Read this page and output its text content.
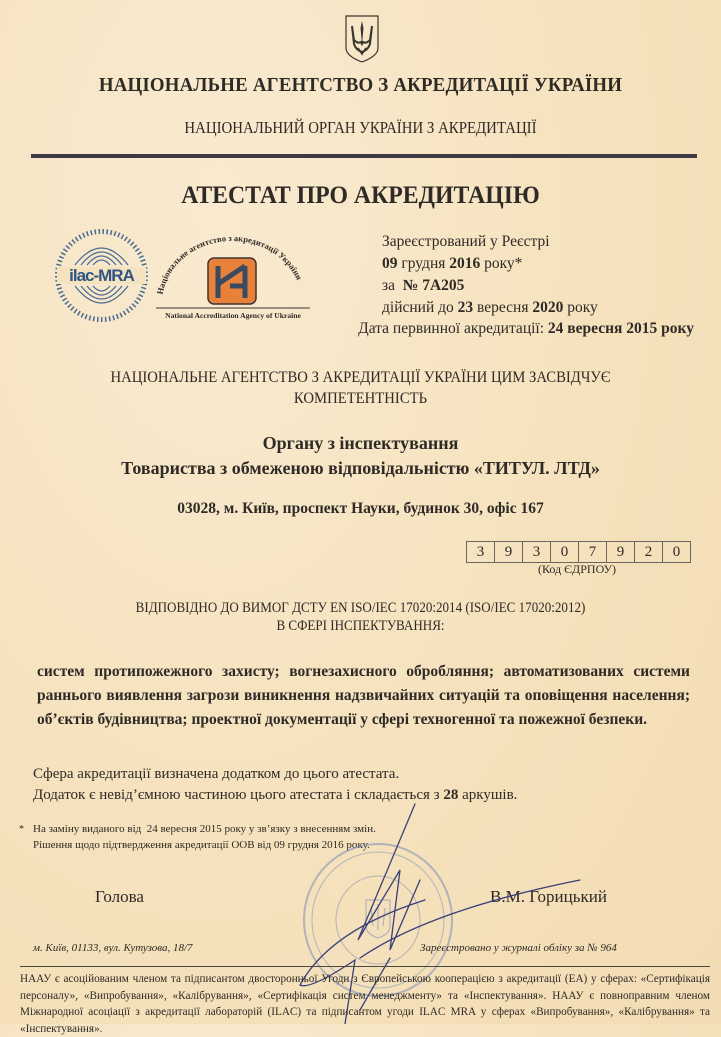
НАЦІОНАЛЬНЕ АГЕНТСТВО З АКРЕДИТАЦІЇ УКРАЇНИ
НАЦІОНАЛЬНИЙ ОРГАН УКРАЇНИ З АКРЕДИТАЦІЇ
АТЕСТАТ ПРО АКРЕДИТАЦІЮ
ilac-MRA
Національне агентство з акредитації України
National Accreditation Agency of Ukraine
Зареєстрований у Реєстрі
09 грудня 2016 року*
за  № 7А205
дійсний до 23 вересня 2020 року
Дата первинної акредитації: 24 вересня 2015 року
НАЦІОНАЛЬНЕ АГЕНТСТВО З АКРЕДИТАЦІЇ УКРАЇНИ ЦИМ ЗАСВІДЧУЄ
КОМПЕТЕНТНІСТЬ
Органу з інспектування
Товариства з обмеженою відповідальністю «ТИТУЛ. ЛТД»
03028, м. Київ, проспект Науки, будинок 30, офіс 167
3	9	3	0	7	9	2	0
(Код ЄДРПОУ)
ВІДПОВІДНО ДО ВИМОГ ДСТУ EN ISO/IEC 17020:2014 (ISO/IEC 17020:2012)
В СФЕРІ ІНСПЕКТУВАННЯ:
систем протипожежного захисту; вогнезахисного обробляння; автоматизованих системи раннього виявлення загрози виникнення надзвичайних ситуацій та оповіщення населення; об’єктів будівництва; проектної документації у сфері техногенної та пожежної безпеки.
Сфера акредитації визначена додатком до цього атестата.
Додаток є невід’ємною частиною цього атестата і складається з 28 аркушів.
* На заміну виданого від  24 вересня 2015 року у зв’язку з внесенням змін.
Рішення щодо підтвердження акредитації ООВ від 09 грудня 2016 року.
Голова	В.М. Горицький
м. Київ, 01133, вул. Кутузова, 18/7	Зареєстровано у журналі обліку за № 964
НААУ є асоційованим членом та підписантом двосторонньої Угоди з Європейською кооперацією з акредитації (ЕА) у сферах: «Сертифікація персоналу», «Випробування», «Калібрування», «Сертифікація систем менеджменту» та «Інспектування». НААУ є повноправним членом Міжнародної асоціації з акредитації лабораторій (ILAC) та підписантом угоди ILAC MRA у сферах «Випробування», «Калібрування» та «Інспектування».
